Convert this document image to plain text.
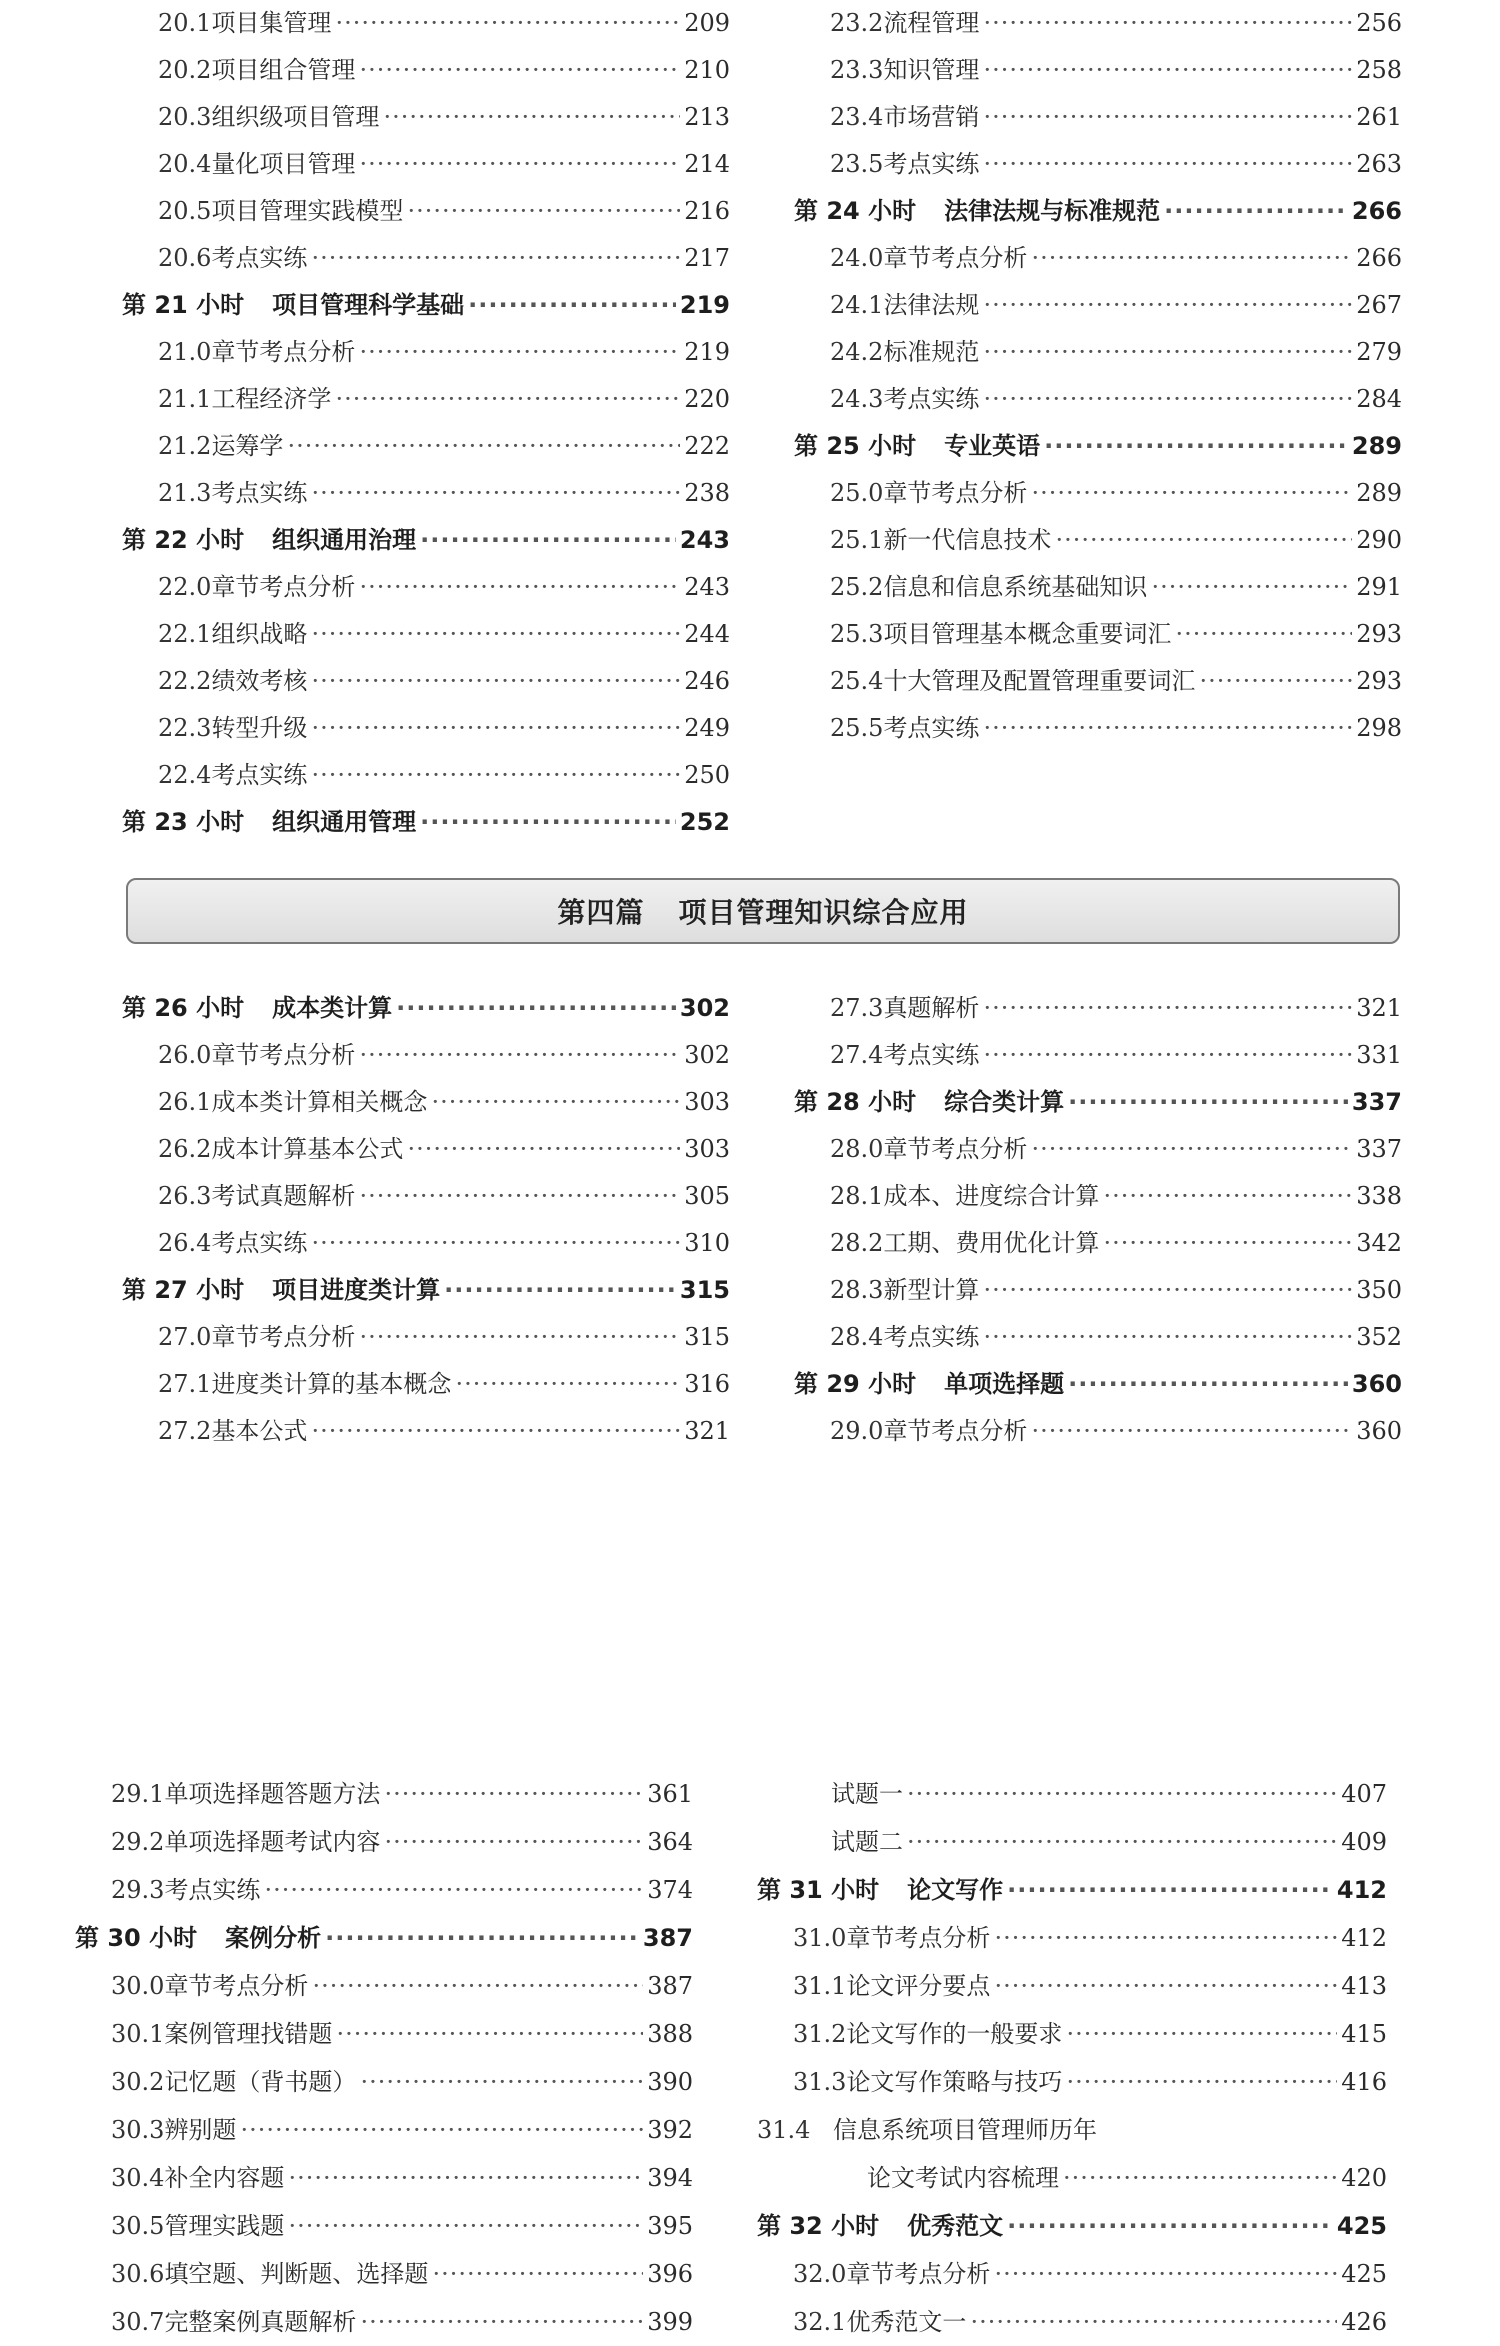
20.1 项目集管理 ·····	209
20.2 项目组合管理 ·····	210
20.3 组织级项目管理 ·····	213
20.4 量化项目管理 ·····	214
20.5 项目管理实践模型 ·····	216
20.6 考点实练 ·····	217
第 21 小时 项目管理科学基础 ·····	219
21.0 章节考点分析 ·····	219
21.1 工程经济学 ·····	220
21.2 运筹学 ·····	222
21.3 考点实练 ·····	238
第 22 小时 组织通用治理 ·····	243
22.0 章节考点分析 ·····	243
22.1 组织战略 ·····	244
22.2 绩效考核 ·····	246
22.3 转型升级 ·····	249
22.4 考点实练 ·····	250
第 23 小时 组织通用管理 ·····	252
23.2 流程管理 ·····	256
23.3 知识管理 ·····	258
23.4 市场营销 ·····	261
23.5 考点实练 ·····	263
第 24 小时 法律法规与标准规范 ·····	266
24.0 章节考点分析 ·····	266
24.1 法律法规 ·····	267
24.2 标准规范 ·····	279
24.3 考点实练 ·····	284
第 25 小时 专业英语 ·····	289
25.0 章节考点分析 ·····	289
25.1 新一代信息技术 ·····	290
25.2 信息和信息系统基础知识 ·····	291
25.3 项目管理基本概念重要词汇 ·····	293
25.4 十大管理及配置管理重要词汇 ·····	293
25.5 考点实练 ·····	298
第四篇 项目管理知识综合应用
第 26 小时 成本类计算 ·····	302
26.0 章节考点分析 ·····	302
26.1 成本类计算相关概念 ·····	303
26.2 成本计算基本公式 ·····	303
26.3 考试真题解析 ·····	305
26.4 考点实练 ·····	310
第 27 小时 项目进度类计算 ·····	315
27.0 章节考点分析 ·····	315
27.1 进度类计算的基本概念 ·····	316
27.2 基本公式 ·····	321
27.3 真题解析 ·····	321
27.4 考点实练 ·····	331
第 28 小时 综合类计算 ·····	337
28.0 章节考点分析 ·····	337
28.1 成本、进度综合计算 ·····	338
28.2 工期、费用优化计算 ·····	342
28.3 新型计算 ·····	350
28.4 考点实练 ·····	352
第 29 小时 单项选择题 ·····	360
29.0 章节考点分析 ·····	360
29.1 单项选择题答题方法 ·····	361
29.2 单项选择题考试内容 ·····	364
29.3 考点实练 ·····	374
第 30 小时 案例分析 ·····	387
30.0 章节考点分析 ·····	387
30.1 案例管理找错题 ·····	388
30.2 记忆题（背书题） ·····	390
30.3 辨别题 ·····	392
30.4 补全内容题 ·····	394
30.5 管理实践题 ·····	395
30.6 填空题、判断题、选择题 ·····	396
30.7 完整案例真题解析 ·····	399
试题一 ·····	407
试题二 ·····	409
第 31 小时 论文写作 ·····	412
31.0 章节考点分析 ·····	412
31.1 论文评分要点 ·····	413
31.2 论文写作的一般要求 ·····	415
31.3 论文写作策略与技巧 ·····	416
31.4 信息系统项目管理师历年
论文考试内容梳理 ·····	420
第 32 小时 优秀范文 ·····	425
32.0 章节考点分析 ·····	425
32.1 优秀范文一 ·····	426
